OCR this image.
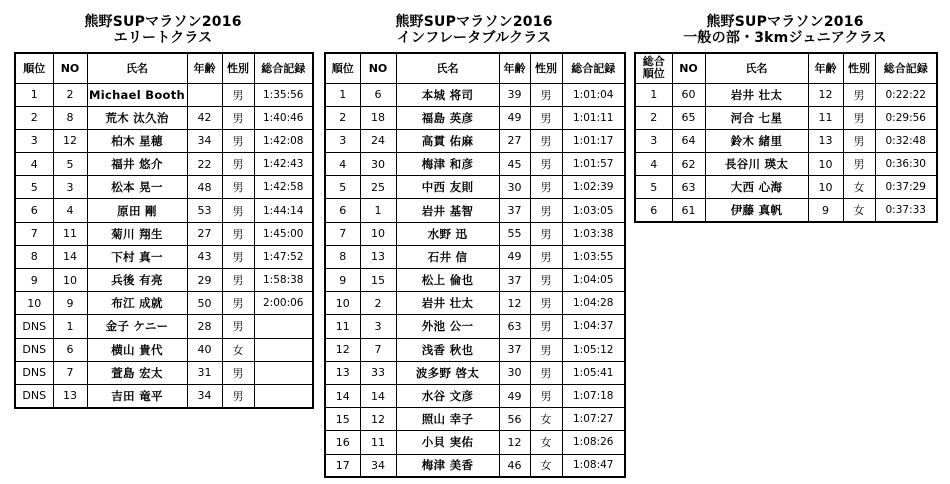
熊野SUPマラソン2016
エリートクラス
順位	NO	氏名	年齢	性別	総合記録
1	2	Michael Booth		男	1:35:56
2	8	荒木 汰久治	42	男	1:40:46
3	12	柏木 星穂	34	男	1:42:08
4	5	福井 悠介	22	男	1:42:43
5	3	松本 晃一	48	男	1:42:58
6	4	原田 剛	53	男	1:44:14
7	11	菊川 翔生	27	男	1:45:00
8	14	下村 真一	43	男	1:47:52
9	10	兵後 有亮	29	男	1:58:38
10	9	布江 成就	50	男	2:00:06
DNS	1	金子 ケニー	28	男	
DNS	6	横山 貴代	40	女	
DNS	7	萱島 宏太	31	男	
DNS	13	吉田 竜平	34	男	
熊野SUPマラソン2016
インフレータブルクラス
順位	NO	氏名	年齢	性別	総合記録
1	6	本城 将司	39	男	1:01:04
2	18	福島 英彦	49	男	1:01:11
3	24	高貫 佑麻	27	男	1:01:17
4	30	梅津 和彦	45	男	1:01:57
5	25	中西 友則	30	男	1:02:39
6	1	岩井 基智	37	男	1:03:05
7	10	水野 迅	55	男	1:03:38
8	13	石井 信	49	男	1:03:55
9	15	松上 倫也	37	男	1:04:05
10	2	岩井 壮太	12	男	1:04:28
11	3	外池 公一	63	男	1:04:37
12	7	浅香 秋也	37	男	1:05:12
13	33	波多野 啓太	30	男	1:05:41
14	14	水谷 文彦	49	男	1:07:18
15	12	照山 幸子	56	女	1:07:27
16	11	小貝 実佑	12	女	1:08:26
17	34	梅津 美香	46	女	1:08:47
熊野SUPマラソン2016
一般の部・3kmジュニアクラス
総合
順位	NO	氏名	年齢	性別	総合記録
1	60	岩井 壮太	12	男	0:22:22
2	65	河合 七星	11	男	0:29:56
3	64	鈴木 緒里	13	男	0:32:48
4	62	長谷川 瑛太	10	男	0:36:30
5	63	大西 心海	10	女	0:37:29
6	61	伊藤 真帆	9	女	0:37:33
